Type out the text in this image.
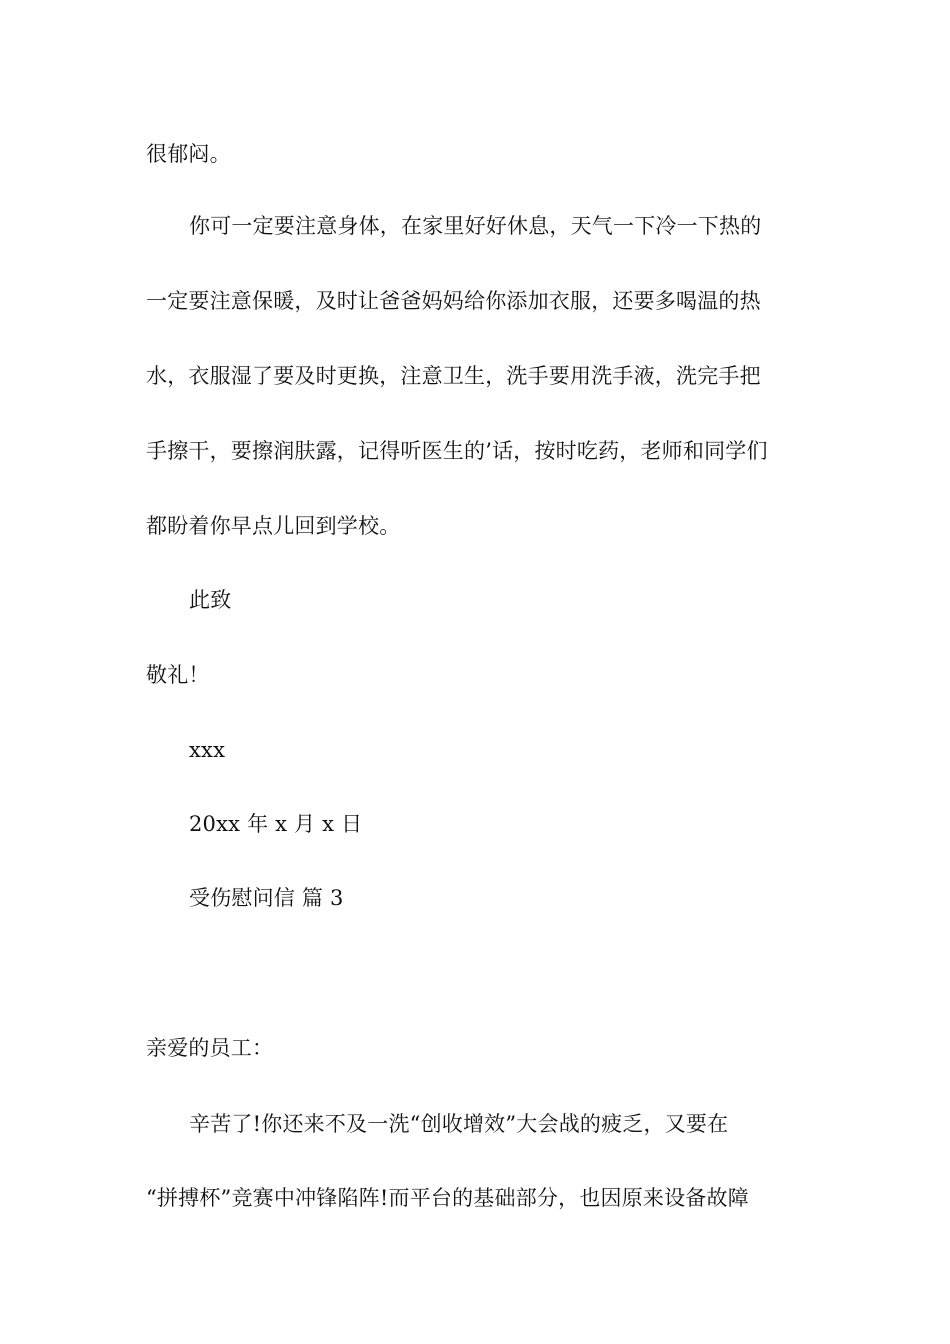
很郁闷。
你可一定要注意身体，在家里好好休息，天气一下冷一下热的
一定要注意保暖，及时让爸爸妈妈给你添加衣服，还要多喝温的热
水，衣服湿了要及时更换，注意卫生，洗手要用洗手液，洗完手把
手擦干，要擦润肤露，记得听医生的’话，按时吃药，老师和同学们
都盼着你早点儿回到学校。
此致
敬礼！
xxx
20xx 年 x 月 x 日
受伤慰问信 篇 3
亲爱的员工：
辛苦了!你还来不及一洗“创收增效”大会战的疲乏，又要在
“拼搏杯”竞赛中冲锋陷阵!而平台的基础部分，也因原来设备故障
